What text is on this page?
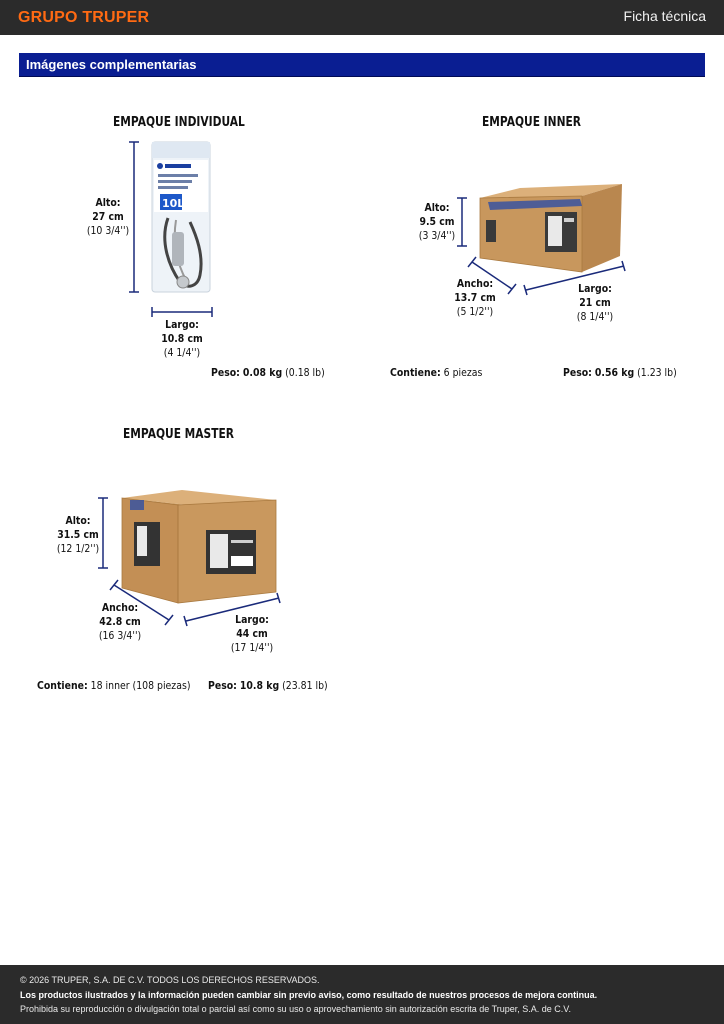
GRUPO TRUPER	Ficha técnica
Imágenes complementarias
10L
EMPAQUE INDIVIDUAL
Alto:
27 cm
(10 3/4'')
Largo:
10.8 cm
(4 1/4'')
Peso: 0.08 kg (0.18 lb)
EMPAQUE INNER
Alto:
9.5 cm
(3 3/4'')
Ancho:
13.7 cm
(5 1/2'')
Largo:
21 cm
(8 1/4'')
Contiene: 6 piezas	Peso: 0.56 kg (1.23 lb)
EMPAQUE MASTER
Alto:
31.5 cm
(12 1/2'')
Ancho:
42.8 cm
(16 3/4'')
Largo:
44 cm
(17 1/4'')
Contiene: 18 inner (108 piezas) Peso: 10.8 kg (23.81 lb)
© 2026 TRUPER, S.A. DE C.V. TODOS LOS DERECHOS RESERVADOS.
Los productos ilustrados y la información pueden cambiar sin previo aviso, como resultado de nuestros procesos de mejora continua.
Prohibida su reproducción o divulgación total o parcial así como su uso o aprovechamiento sin autorización escrita de Truper, S.A. de C.V.
